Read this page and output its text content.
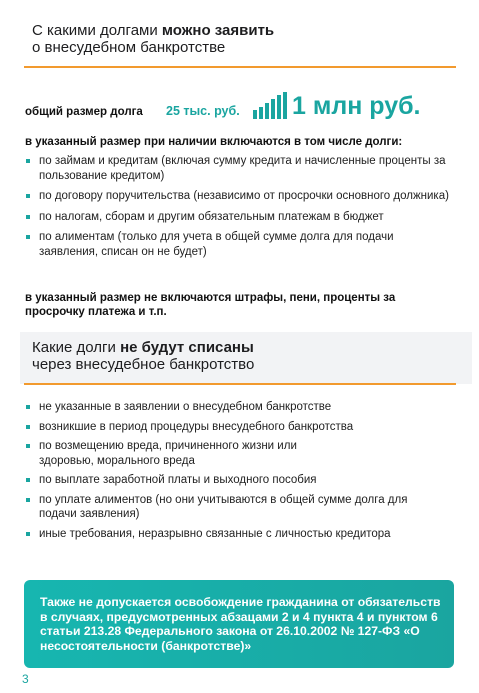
С какими долгами можно заявить
о внесудебном банкротстве
общий размер долга 25 тыс. руб. 1 млн руб.
в указанный размер при наличии включаются в том числе долги:
по займам и кредитам (включая сумму кредита и начисленные проценты за пользование кредитом)
по договору поручительства (независимо от просрочки основного должника)
по налогам, сборам и другим обязательным платежам в бюджет
по алиментам (только для учета в общей сумме долга для подачи заявления, списан он не будет)
в указанный размер не включаются штрафы, пени, проценты за просрочку платежа и т.п.
Какие долги не будут списаны
через внесудебное банкротство
не указанные в заявлении о внесудебном банкротстве
возникшие в период процедуры внесудебного банкротства
по возмещению вреда, причиненного жизни или здоровью, морального вреда
по выплате заработной платы и выходного пособия
по уплате алиментов (но они учитываются в общей сумме долга для подачи заявления)
иные требования, неразрывно связанные с личностью кредитора
Также не допускается освобождение гражданина от обязательств в случаях, предусмотренных абзацами 2 и 4 пункта 4 и пунктом 6 статьи 213.28 Федерального закона от 26.10.2002 № 127-ФЗ «О несостоятельности (банкротстве)»
3
